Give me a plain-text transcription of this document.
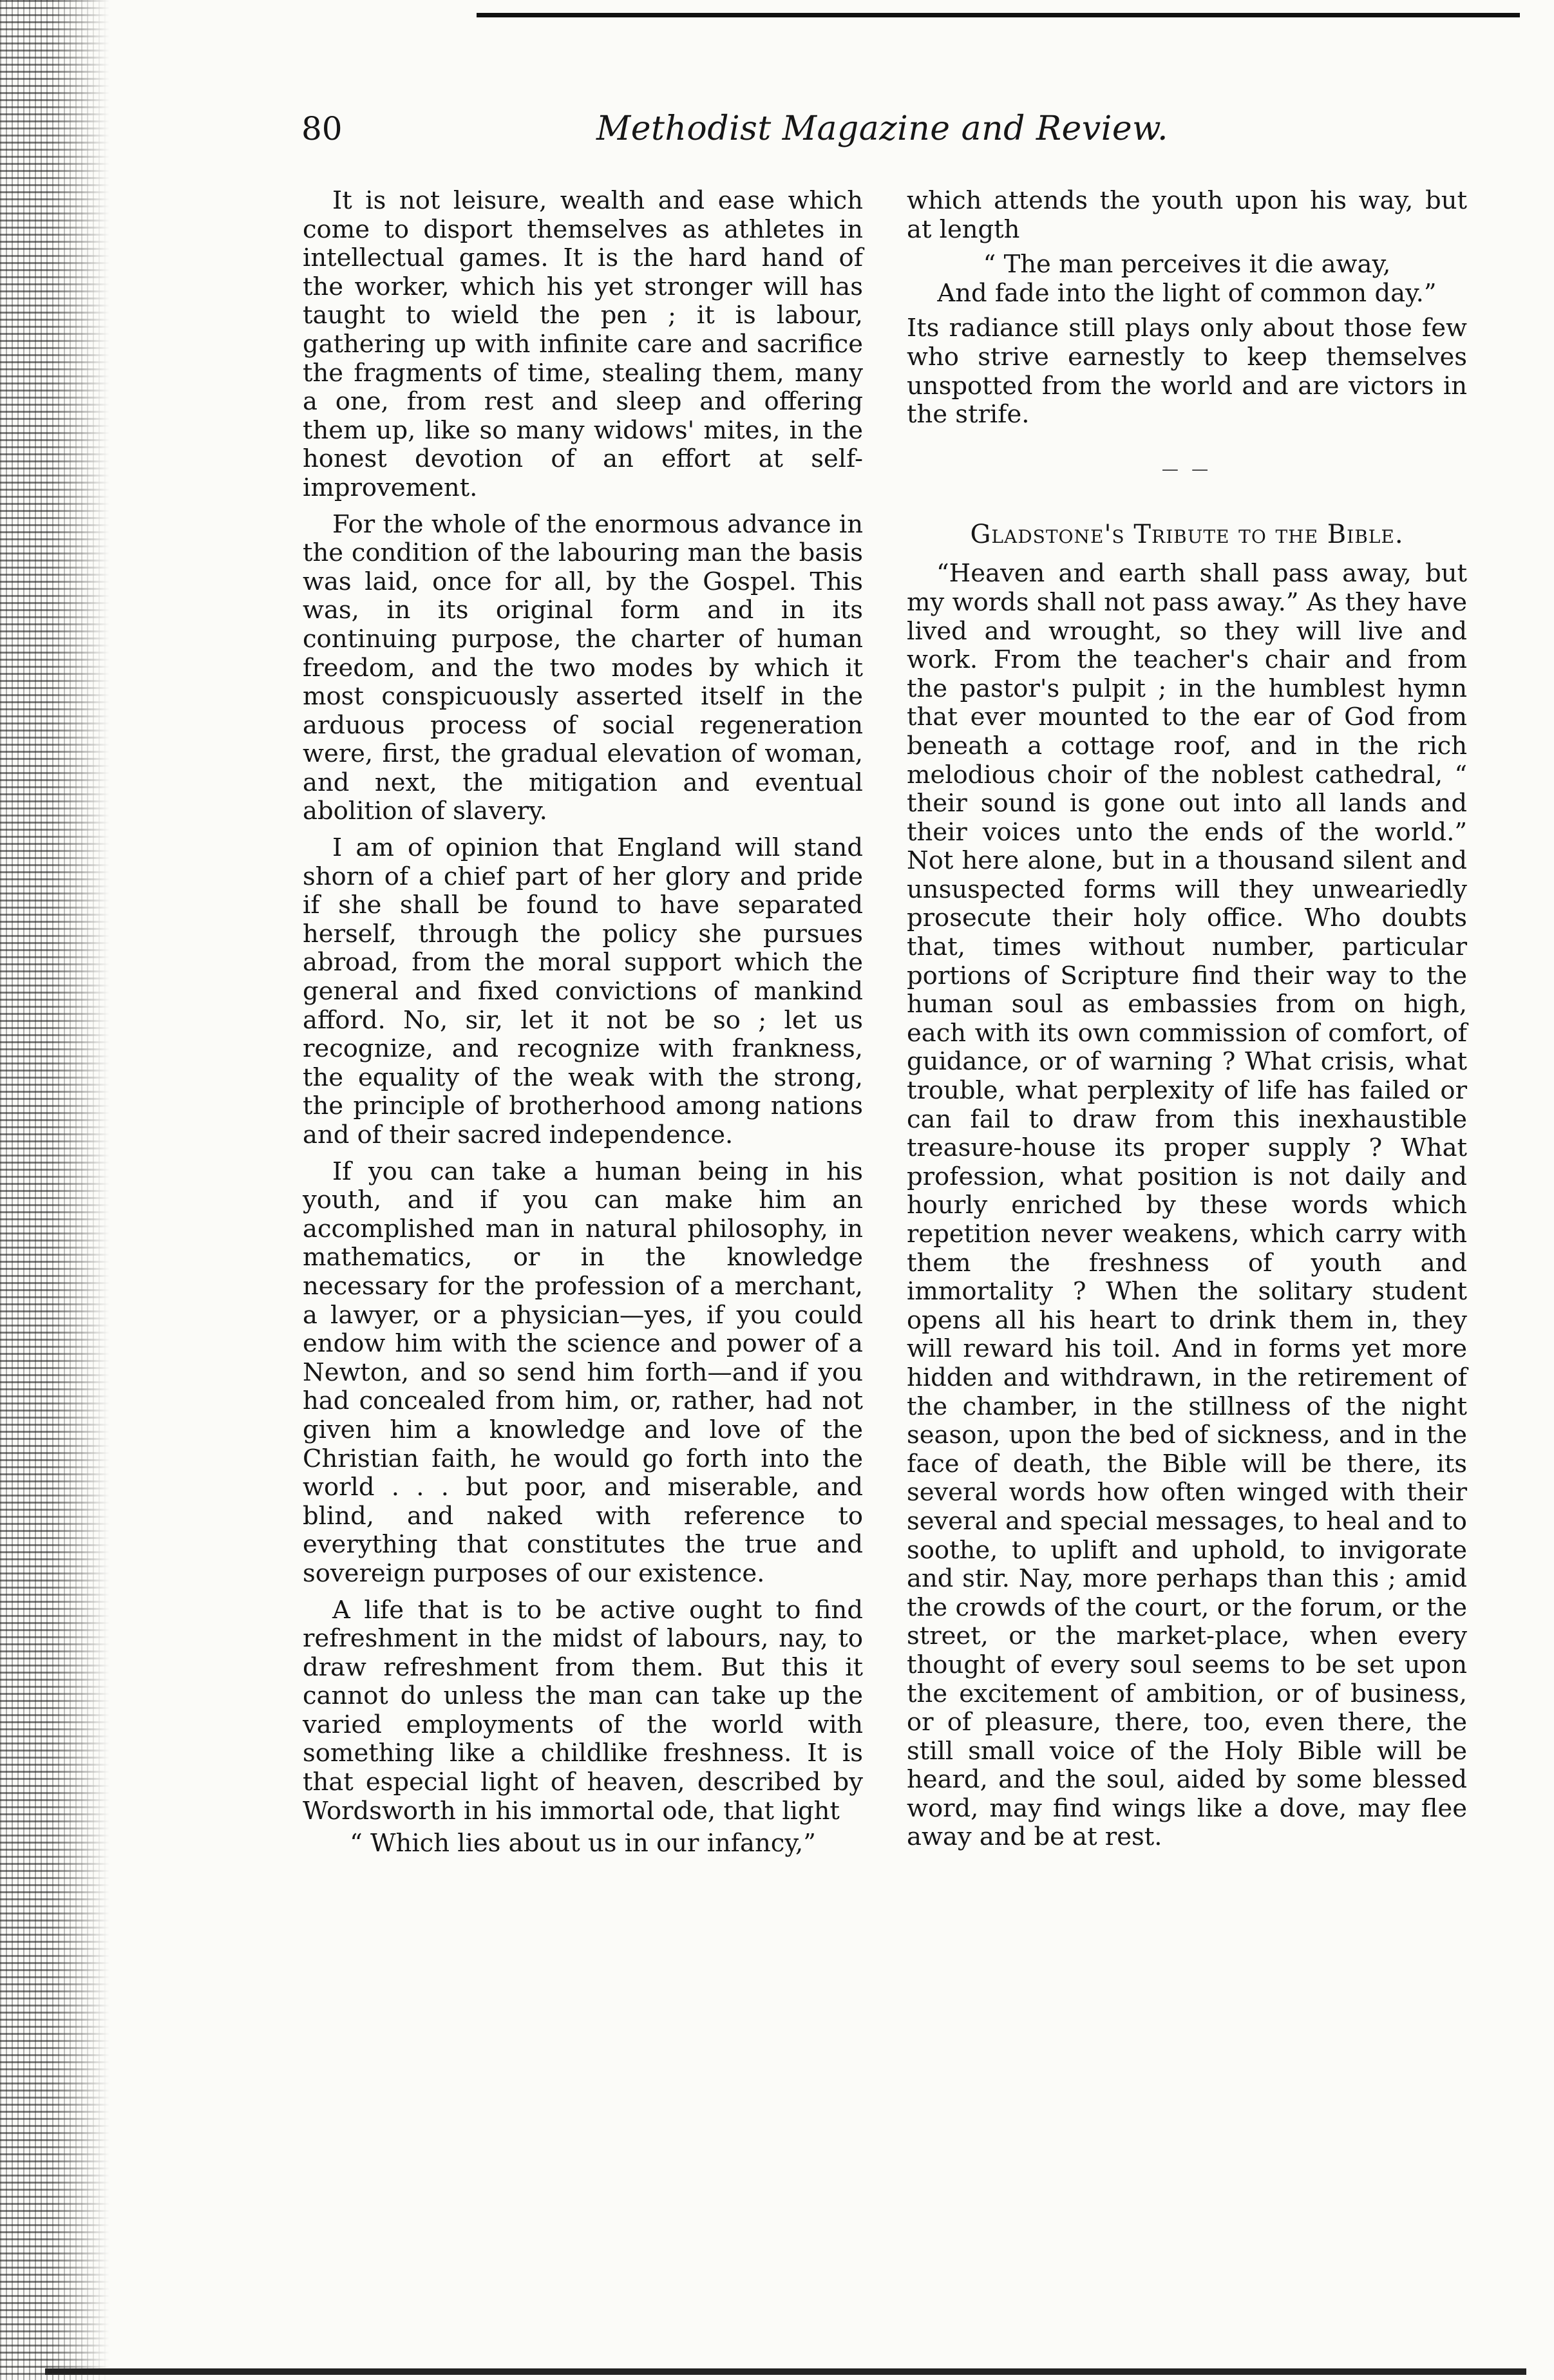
80	Methodist Magazine and Review.

It is not leisure, wealth and ease which come to disport themselves as athletes in intellectual games. It is the hard hand of the worker, which his yet stronger will has taught to wield the pen ; it is labour, gathering up with infinite care and sacrifice the fragments of time, stealing them, many a one, from rest and sleep and offering them up, like so many widows' mites, in the honest devotion of an effort at self-improvement.

For the whole of the enormous advance in the condition of the labouring man the basis was laid, once for all, by the Gospel. This was, in its original form and in its continuing purpose, the charter of human freedom, and the two modes by which it most conspicuously asserted itself in the arduous process of social regeneration were, first, the gradual elevation of woman, and next, the mitigation and eventual abolition of slavery.

I am of opinion that England will stand shorn of a chief part of her glory and pride if she shall be found to have separated herself, through the policy she pursues abroad, from the moral support which the general and fixed convictions of mankind afford. No, sir, let it not be so ; let us recognize, and recognize with frankness, the equality of the weak with the strong, the principle of brotherhood among nations and of their sacred independence.

If you can take a human being in his youth, and if you can make him an accomplished man in natural philosophy, in mathematics, or in the knowledge necessary for the profession of a merchant, a lawyer, or a physician—yes, if you could endow him with the science and power of a Newton, and so send him forth—and if you had concealed from him, or, rather, had not given him a knowledge and love of the Christian faith, he would go forth into the world . . . but poor, and miserable, and blind, and naked with reference to everything that constitutes the true and sovereign purposes of our existence.

A life that is to be active ought to find refreshment in the midst of labours, nay, to draw refreshment from them. But this it cannot do unless the man can take up the varied employments of the world with something like a childlike freshness. It is that especial light of heaven, described by Wordsworth in his immortal ode, that light

“ Which lies about us in our infancy,”

which attends the youth upon his way, but at length

“ The man perceives it die away,
And fade into the light of common day.”

Its radiance still plays only about those few who strive earnestly to keep themselves unspotted from the world and are victors in the strife.

— —
Gladstone's Tribute to the Bible.

“Heaven and earth shall pass away, but my words shall not pass away.” As they have lived and wrought, so they will live and work. From the teacher's chair and from the pastor's pulpit ; in the humblest hymn that ever mounted to the ear of God from beneath a cottage roof, and in the rich melodious choir of the noblest cathedral, “ their sound is gone out into all lands and their voices unto the ends of the world.” Not here alone, but in a thousand silent and unsuspected forms will they unweariedly prosecute their holy office. Who doubts that, times without number, particular portions of Scripture find their way to the human soul as embassies from on high, each with its own commission of comfort, of guidance, or of warning ? What crisis, what trouble, what perplexity of life has failed or can fail to draw from this inexhaustible treasure-house its proper supply ? What profession, what position is not daily and hourly enriched by these words which repetition never weakens, which carry with them the freshness of youth and immortality ? When the solitary student opens all his heart to drink them in, they will reward his toil. And in forms yet more hidden and withdrawn, in the retirement of the chamber, in the stillness of the night season, upon the bed of sickness, and in the face of death, the Bible will be there, its several words how often winged with their several and special messages, to heal and to soothe, to uplift and uphold, to invigorate and stir. Nay, more perhaps than this ; amid the crowds of the court, or the forum, or the street, or the market-place, when every thought of every soul seems to be set upon the excitement of ambition, or of business, or of pleasure, there, too, even there, the still small voice of the Holy Bible will be heard, and the soul, aided by some blessed word, may find wings like a dove, may flee away and be at rest.
